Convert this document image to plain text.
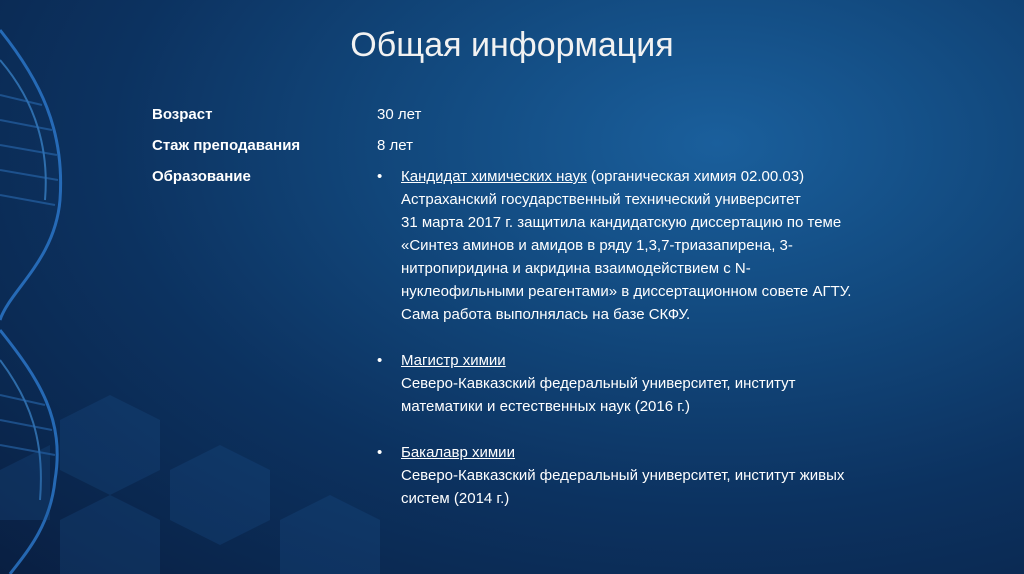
Общая информация
Возраст	30 лет
Стаж преподавания	8 лет
Образование	• Кандидат химических наук (органическая химия 02.00.03)
Астраханский государственный технический университет
31 марта 2017 г. защитила кандидатскую диссертацию по теме
«Синтез аминов и амидов в ряду 1,3,7-триазапирена, 3-
нитропиридина и акридина взаимодействием с N-
нуклеофильными реагентами» в диссертационном совете АГТУ.
Сама работа выполнялась на базе СКФУ.
• Магистр химии
Северо-Кавказский федеральный университет, институт
математики и естественных наук (2016 г.)
• Бакалавр химии
Северо-Кавказский федеральный университет, институт живых
систем (2014 г.)
